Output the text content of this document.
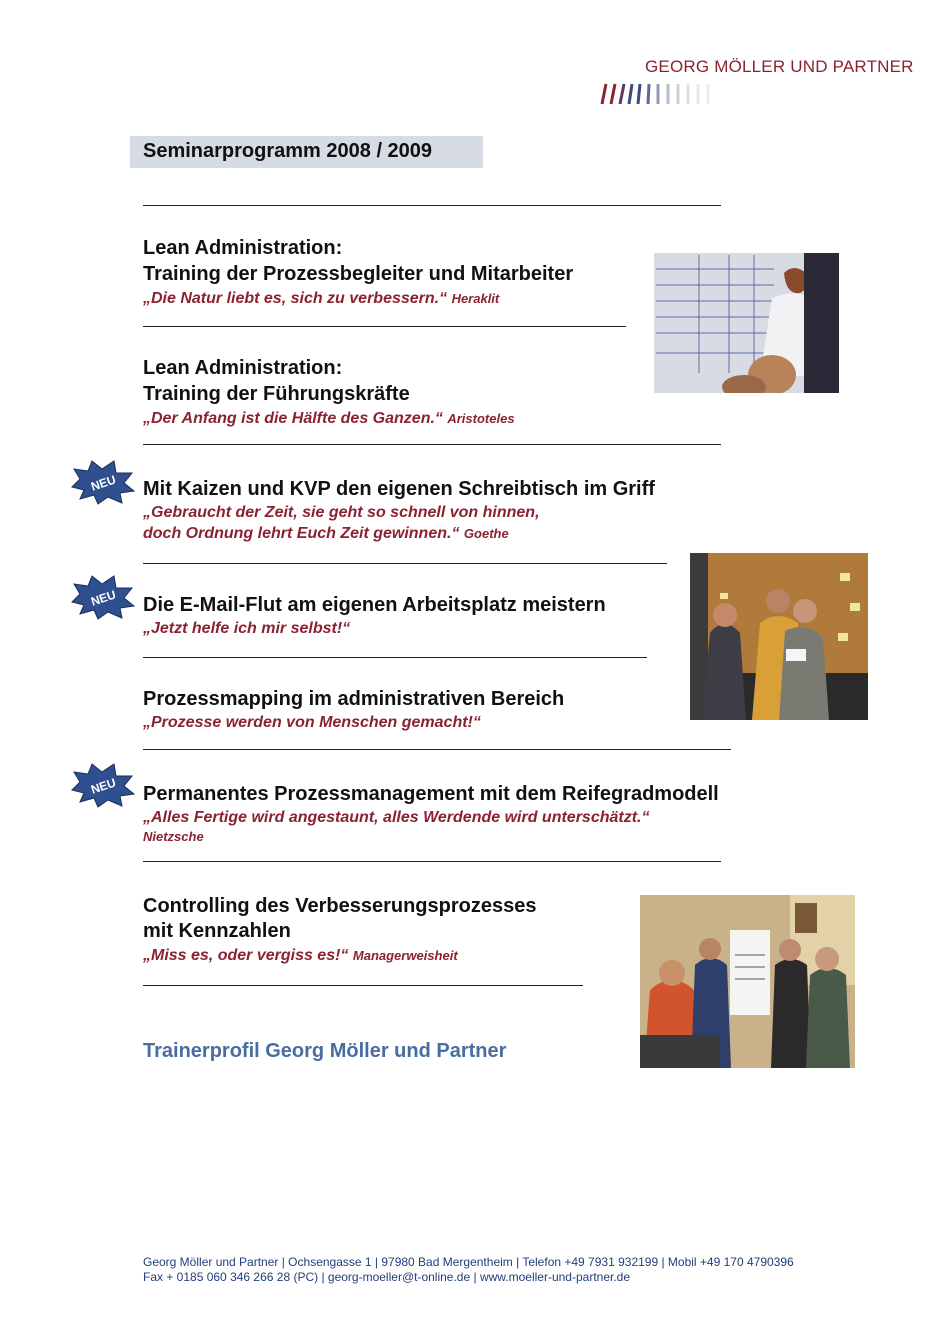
GEORG MÖLLER UND PARTNER
Seminarprogramm 2008 / 2009
Lean Administration:
Training der Prozessbegleiter und Mitarbeiter
„Die Natur liebt es, sich zu verbessern.“ Heraklit
Lean Administration:
Training der Führungskräfte
„Der Anfang ist die Hälfte des Ganzen.“ Aristoteles
NEU Mit Kaizen und KVP den eigenen Schreibtisch im Griff
„Gebraucht der Zeit, sie geht so schnell von hinnen,
doch Ordnung lehrt Euch Zeit gewinnen.“ Goethe
NEU Die E-Mail-Flut am eigenen Arbeitsplatz meistern
„Jetzt helfe ich mir selbst!“
Prozessmapping im administrativen Bereich
„Prozesse werden von Menschen gemacht!“
NEU Permanentes Prozessmanagement mit dem Reifegradmodell
„Alles Fertige wird angestaunt, alles Werdende wird unterschätzt.“
Nietzsche
Controlling des Verbesserungsprozesses
mit Kennzahlen
„Miss es, oder vergiss es!“ Managerweisheit
Trainerprofil Georg Möller und Partner
Georg Möller und Partner | Ochsengasse 1 | 97980 Bad Mergentheim | Telefon +49 7931 932199 | Mobil +49 170 4790396
Fax + 0185 060 346 266 28 (PC) | georg-moeller@t-online.de | www.moeller-und-partner.de
